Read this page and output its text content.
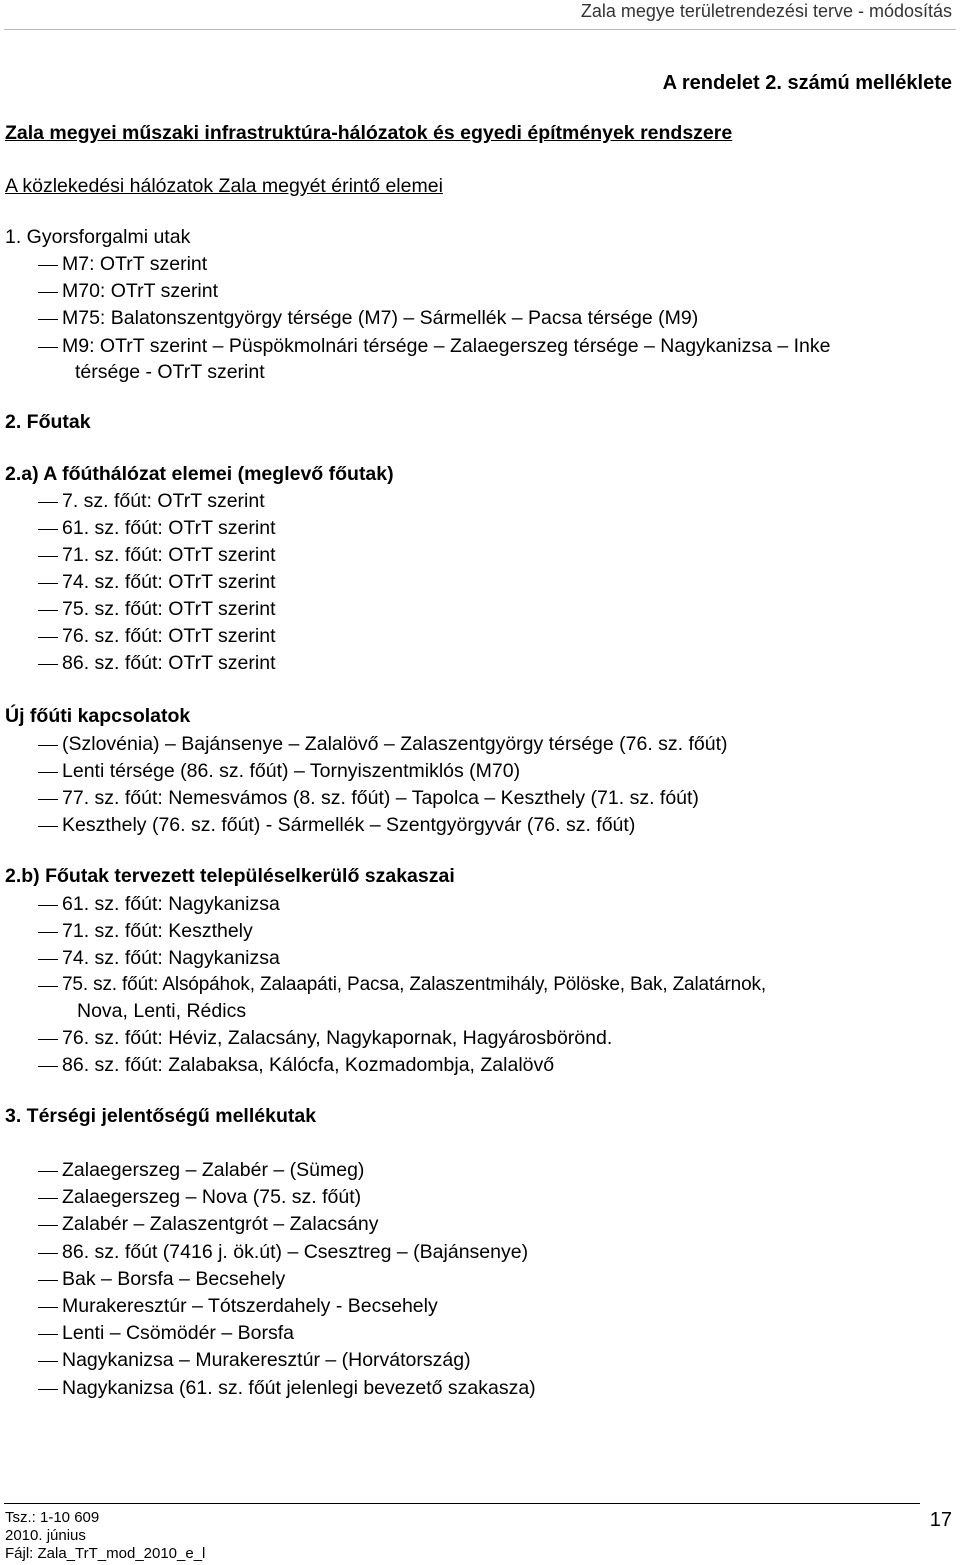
Zala megye területrendezési terve - módosítás
A rendelet 2. számú melléklete
Zala megyei műszaki infrastruktúra-hálózatok és egyedi építmények rendszere
A közlekedési hálózatok Zala megyét érintő elemei
1. Gyorsforgalmi utak
M7: OTrT szerint
M70: OTrT szerint
M75: Balatonszentgyörgy térsége (M7) – Sármellék – Pacsa térsége (M9)
M9: OTrT szerint – Püspökmolnári térsége – Zalaegerszeg térsége – Nagykanizsa – Inke
térsége - OTrT szerint
2. Főutak
2.a) A főúthálózat elemei (meglevő főutak)
7. sz. főút: OTrT szerint
61. sz. főút: OTrT szerint
71. sz. főút: OTrT szerint
74. sz. főút: OTrT szerint
75. sz. főút: OTrT szerint
76. sz. főút: OTrT szerint
86. sz. főút: OTrT szerint
Új főúti kapcsolatok
(Szlovénia) – Bajánsenye – Zalalövő – Zalaszentgyörgy térsége (76. sz. főút)
Lenti térsége (86. sz. főút) – Tornyiszentmiklós (M70)
77. sz. főút: Nemesvámos (8. sz. főút) – Tapolca – Keszthely (71. sz. fóút)
Keszthely (76. sz. főút) - Sármellék – Szentgyörgyvár (76. sz. főút)
2.b) Főutak tervezett településelkerülő szakaszai
61. sz. főút: Nagykanizsa
71. sz. főút: Keszthely
74. sz. főút: Nagykanizsa
75. sz. főút: Alsópáhok, Zalaapáti, Pacsa, Zalaszentmihály, Pölöske, Bak, Zalatárnok,
Nova, Lenti, Rédics
76. sz. főút: Héviz, Zalacsány, Nagykapornak, Hagyárosbörönd.
86. sz. főút: Zalabaksa, Kálócfa, Kozmadombja, Zalalövő
3. Térségi jelentőségű mellékutak
Zalaegerszeg – Zalabér – (Sümeg)
Zalaegerszeg – Nova (75. sz. főút)
Zalabér – Zalaszentgrót – Zalacsány
86. sz. főút (7416 j. ök.út) – Csesztreg – (Bajánsenye)
Bak – Borsfa – Becsehely
Murakeresztúr – Tótszerdahely - Becsehely
Lenti – Csömödér – Borsfa
Nagykanizsa – Murakeresztúr – (Horvátország)
Nagykanizsa (61. sz. főút jelenlegi bevezető szakasza)
Tsz.: 1-10 609
2010. június
Fájl: Zala_TrT_mod_2010_e_l
17
